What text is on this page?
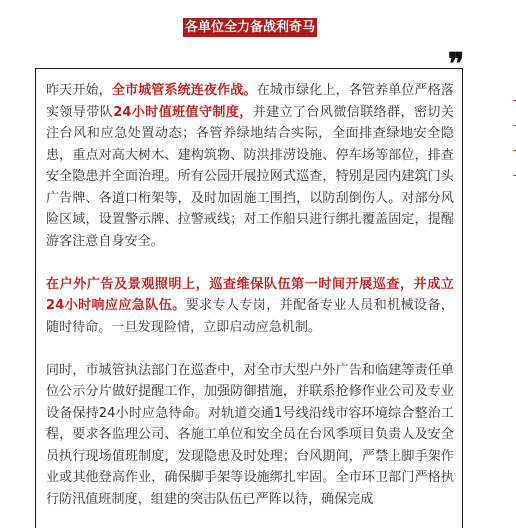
各单位全力备战利奇马
❞

昨天开始，全市城管系统连夜作战。在城市绿化上，各管养单位严格落实领导带队24小时值班值守制度，并建立了台风微信联络群，密切关注台风和应急处置动态；各管养绿地结合实际，全面排查绿地安全隐患，重点对高大树木、建构筑物、防洪排涝设施、停车场等部位，排查安全隐患并全面治理。所有公园开展拉网式巡查，特别是园内建筑门头广告牌、各道口桁架等，及时加固施工围挡，以防刮倒伤人。对部分风险区域，设置警示牌、拉警戒线；对工作船只进行绑扎覆盖固定，提醒游客注意自身安全。

在户外广告及景观照明上，巡查维保队伍第一时间开展巡查，并成立24小时响应应急队伍。要求专人专岗，并配备专业人员和机械设备，随时待命。一旦发现险情，立即启动应急机制。

同时，市城管执法部门在巡查中，对全市大型户外广告和临建等责任单位公示分片做好提醒工作，加强防御措施，并联系抢修作业公司及专业设备保持24小时应急待命。对轨道交通1号线沿线市容环境综合整治工程，要求各监理公司、各施工单位和安全员在台风季项目负责人及安全员执行现场值班制度，发现隐患及时处理；台风期间，严禁上脚手架作业或其他登高作业，确保脚手架等设施绑扎牢固。全市环卫部门严格执行防汛值班制度，组建的突击队伍已严阵以待，确保完成
